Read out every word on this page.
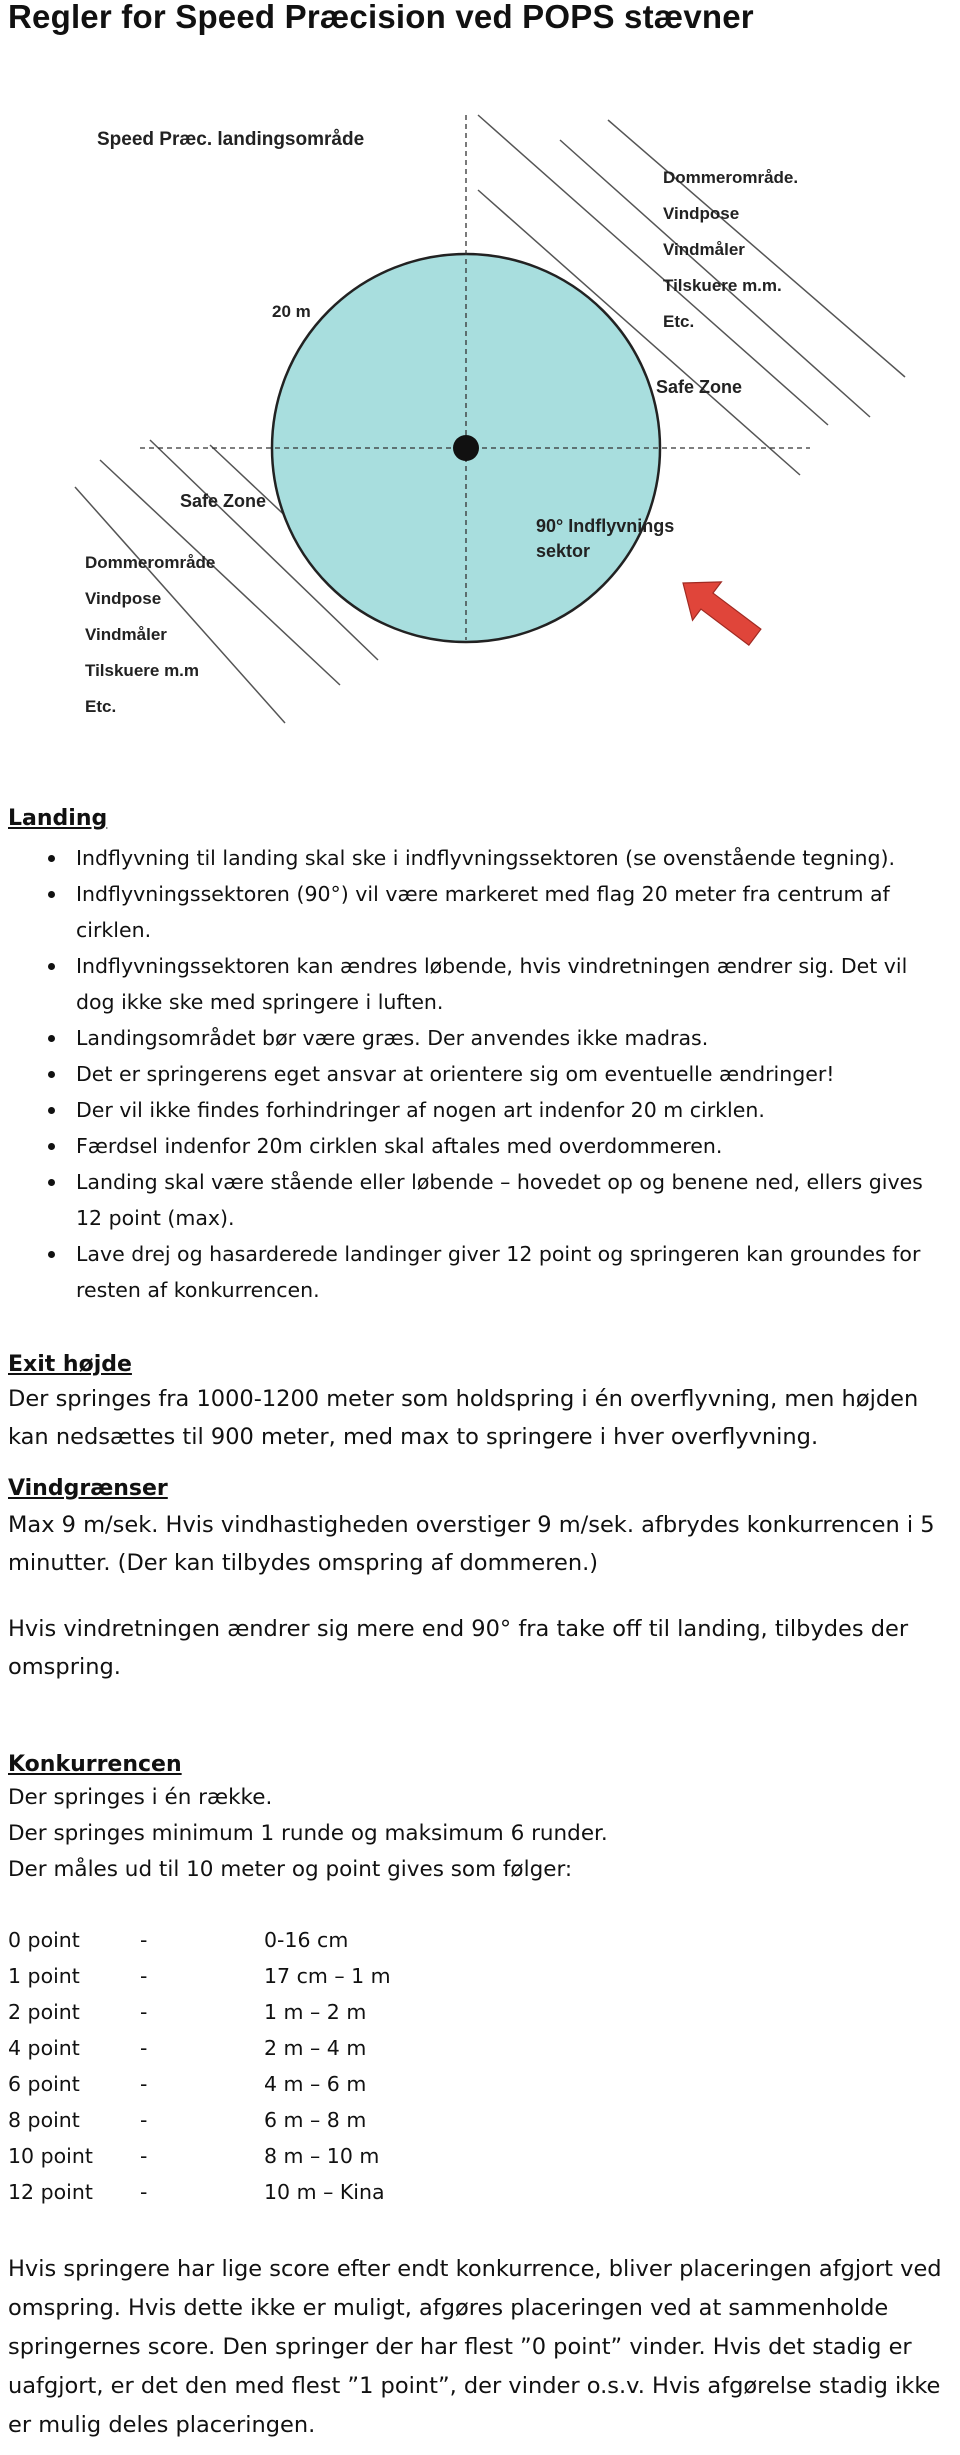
Regler for Speed Præcision ved POPS stævner
Speed Præc. landingsområde
20 m
Dommerområde.
Vindpose
Vindmåler
Tilskuere m.m.
Etc.
Safe Zone
Safe Zone
90° Indflyvnings
sektor
Dommerområde
Vindpose
Vindmåler
Tilskuere m.m
Etc.
Landing
Indflyvning til landing skal ske i indflyvningssektoren (se ovenstående tegning).
Indflyvningssektoren (90°) vil være markeret med flag 20 meter fra centrum af cirklen.
Indflyvningssektoren kan ændres løbende, hvis vindretningen ændrer sig. Det vil dog ikke ske med springere i luften.
Landingsområdet bør være græs. Der anvendes ikke madras.
Det er springerens eget ansvar at orientere sig om eventuelle ændringer!
Der vil ikke findes forhindringer af nogen art indenfor 20 m cirklen.
Færdsel indenfor 20m cirklen skal aftales med overdommeren.
Landing skal være stående eller løbende – hovedet op og benene ned, ellers gives 12 point (max).
Lave drej og hasarderede landinger giver 12 point og springeren kan groundes for resten af konkurrencen.
Exit højde

Der springes fra 1000-1200 meter som holdspring i én overflyvning, men højden kan nedsættes til 900 meter, med max to springere i hver overflyvning.

Vindgrænser

Max 9 m/sek. Hvis vindhastigheden overstiger 9 m/sek. afbrydes konkurrencen i 5 minutter. (Der kan tilbydes omspring af dommeren.)

Hvis vindretningen ændrer sig mere end 90° fra take off til landing, tilbydes der omspring.

Konkurrencen

Der springes i én række.

Der springes minimum 1 runde og maksimum 6 runder.

Der måles ud til 10 meter og point gives som følger:

0 point	-	0-16 cm
1 point	-	17 cm – 1 m
2 point	-	1 m – 2 m
4 point	-	2 m – 4 m
6 point	-	4 m – 6 m
8 point	-	6 m – 8 m
10 point	-	8 m – 10 m
12 point	-	10 m – Kina

Hvis springere har lige score efter endt konkurrence, bliver placeringen afgjort ved omspring. Hvis dette ikke er muligt, afgøres placeringen ved at sammenholde springernes score. Den springer der har flest ”0 point” vinder. Hvis det stadig er uafgjort, er det den med flest ”1 point”, der vinder o.s.v. Hvis afgørelse stadig ikke er mulig deles placeringen.
